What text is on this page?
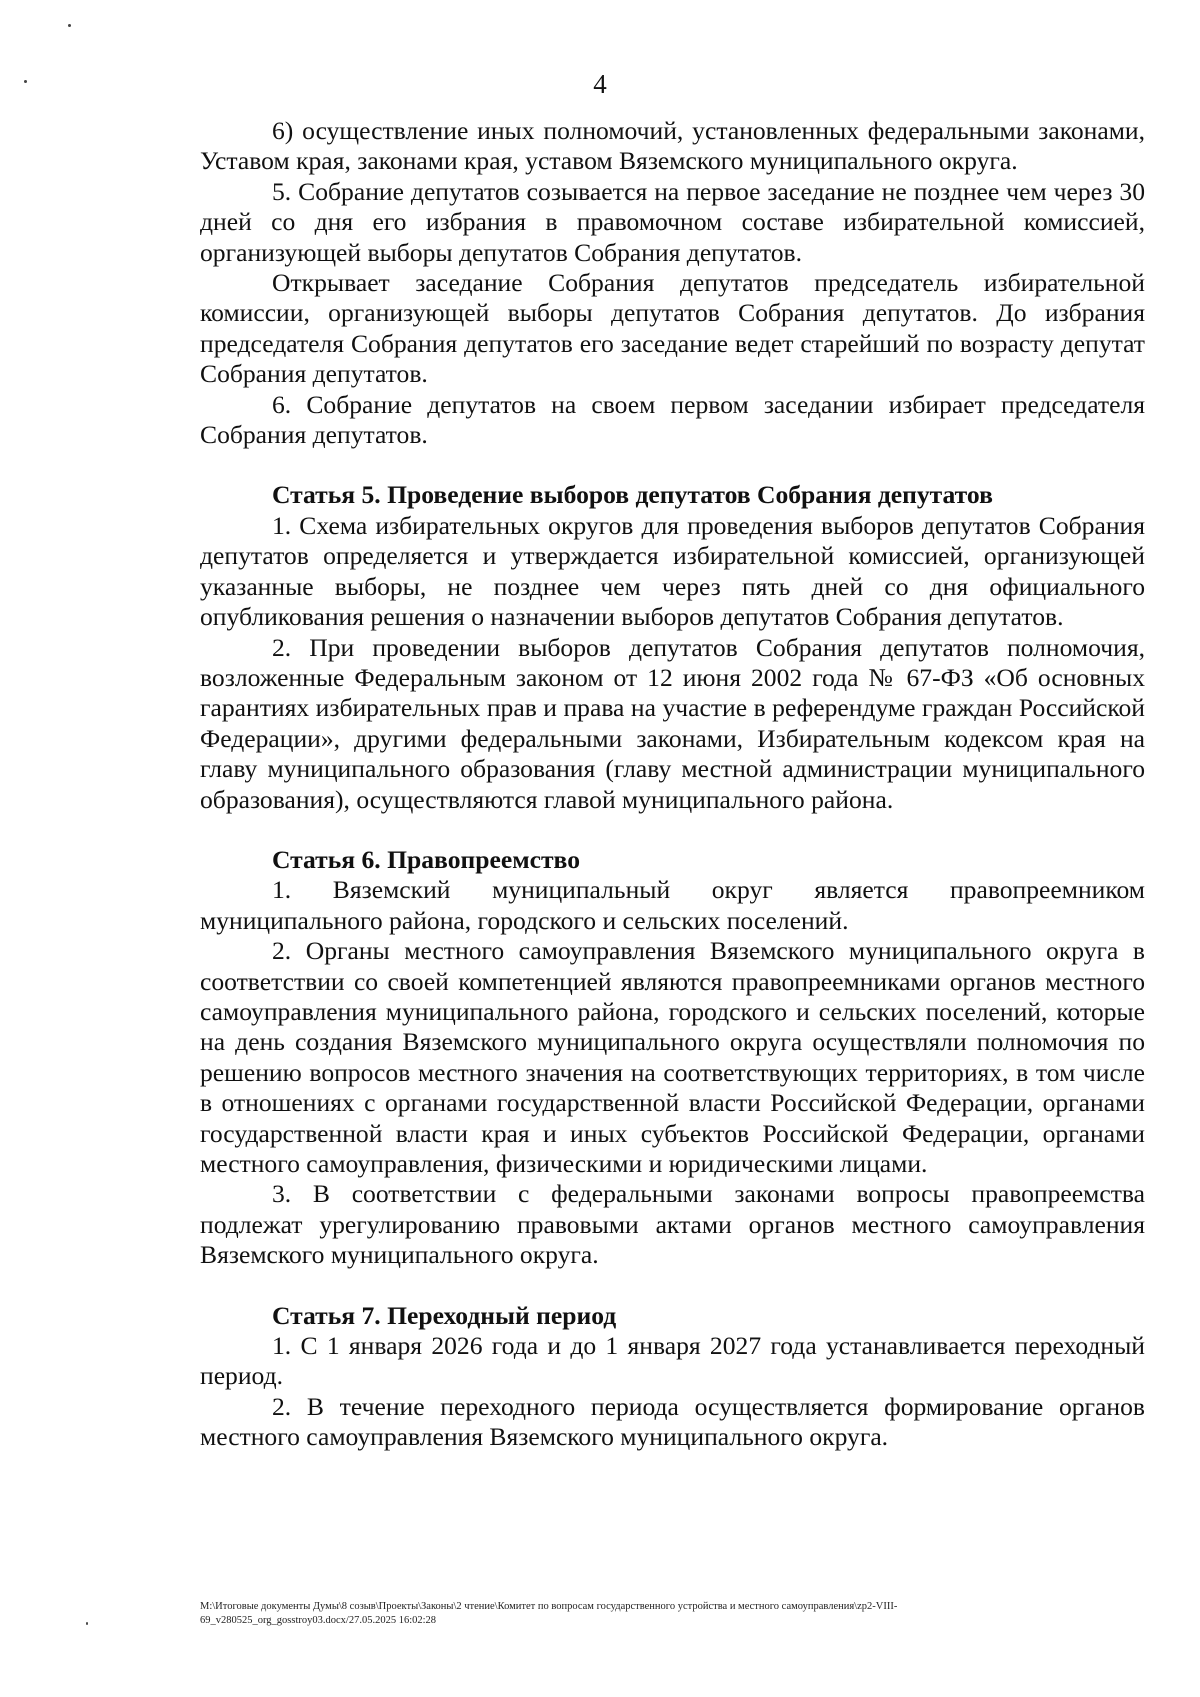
4

6) осуществление иных полномочий, установленных федеральными законами, Уставом края, законами края, уставом Вяземского муниципального округа.

5. Собрание депутатов созывается на первое заседание не позднее чем через 30 дней со дня его избрания в правомочном составе избирательной комиссией, организующей выборы депутатов Собрания депутатов.

Открывает заседание Собрания депутатов председатель избирательной комиссии, организующей выборы депутатов Собрания депутатов. До избрания председателя Собрания депутатов его заседание ведет старейший по возрасту депутат Собрания депутатов.

6. Собрание депутатов на своем первом заседании избирает председателя Собрания депутатов.

Статья 5. Проведение выборов депутатов Собрания депутатов

1. Схема избирательных округов для проведения выборов депутатов Собрания депутатов определяется и утверждается избирательной комиссией, организующей указанные выборы, не позднее чем через пять дней со дня официального опубликования решения о назначении выборов депутатов Собрания депутатов.

2. При проведении выборов депутатов Собрания депутатов полномочия, возложенные Федеральным законом от 12 июня 2002 года № 67-ФЗ «Об основных гарантиях избирательных прав и права на участие в референдуме граждан Российской Федерации», другими федеральными законами, Избирательным кодексом края на главу муниципального образования (главу местной администрации муниципального образования), осуществляются главой муниципального района.

Статья 6. Правопреемство

1. Вяземский муниципальный округ является правопреемником муниципального района, городского и сельских поселений.

2. Органы местного самоуправления Вяземского муниципального округа в соответствии со своей компетенцией являются правопреемниками органов местного самоуправления муниципального района, городского и сельских поселений, которые на день создания Вяземского муниципального округа осуществляли полномочия по решению вопросов местного значения на соответствующих территориях, в том числе в отношениях с органами государственной власти Российской Федерации, органами государственной власти края и иных субъектов Российской Федерации, органами местного самоуправления, физическими и юридическими лицами.

3. В соответствии с федеральными законами вопросы правопреемства подлежат урегулированию правовыми актами органов местного самоуправления Вяземского муниципального округа.

Статья 7. Переходный период

1. С 1 января 2026 года и до 1 января 2027 года устанавливается переходный период.

2. В течение переходного периода осуществляется формирование органов местного самоуправления Вяземского муниципального округа.

M:\Итоговые документы Думы\8 созыв\Проекты\Законы\2 чтение\Комитет по вопросам государственного устройства и местного самоуправления\zp2-VIII-
69_v280525_org_gosstroy03.docx/27.05.2025 16:02:28
